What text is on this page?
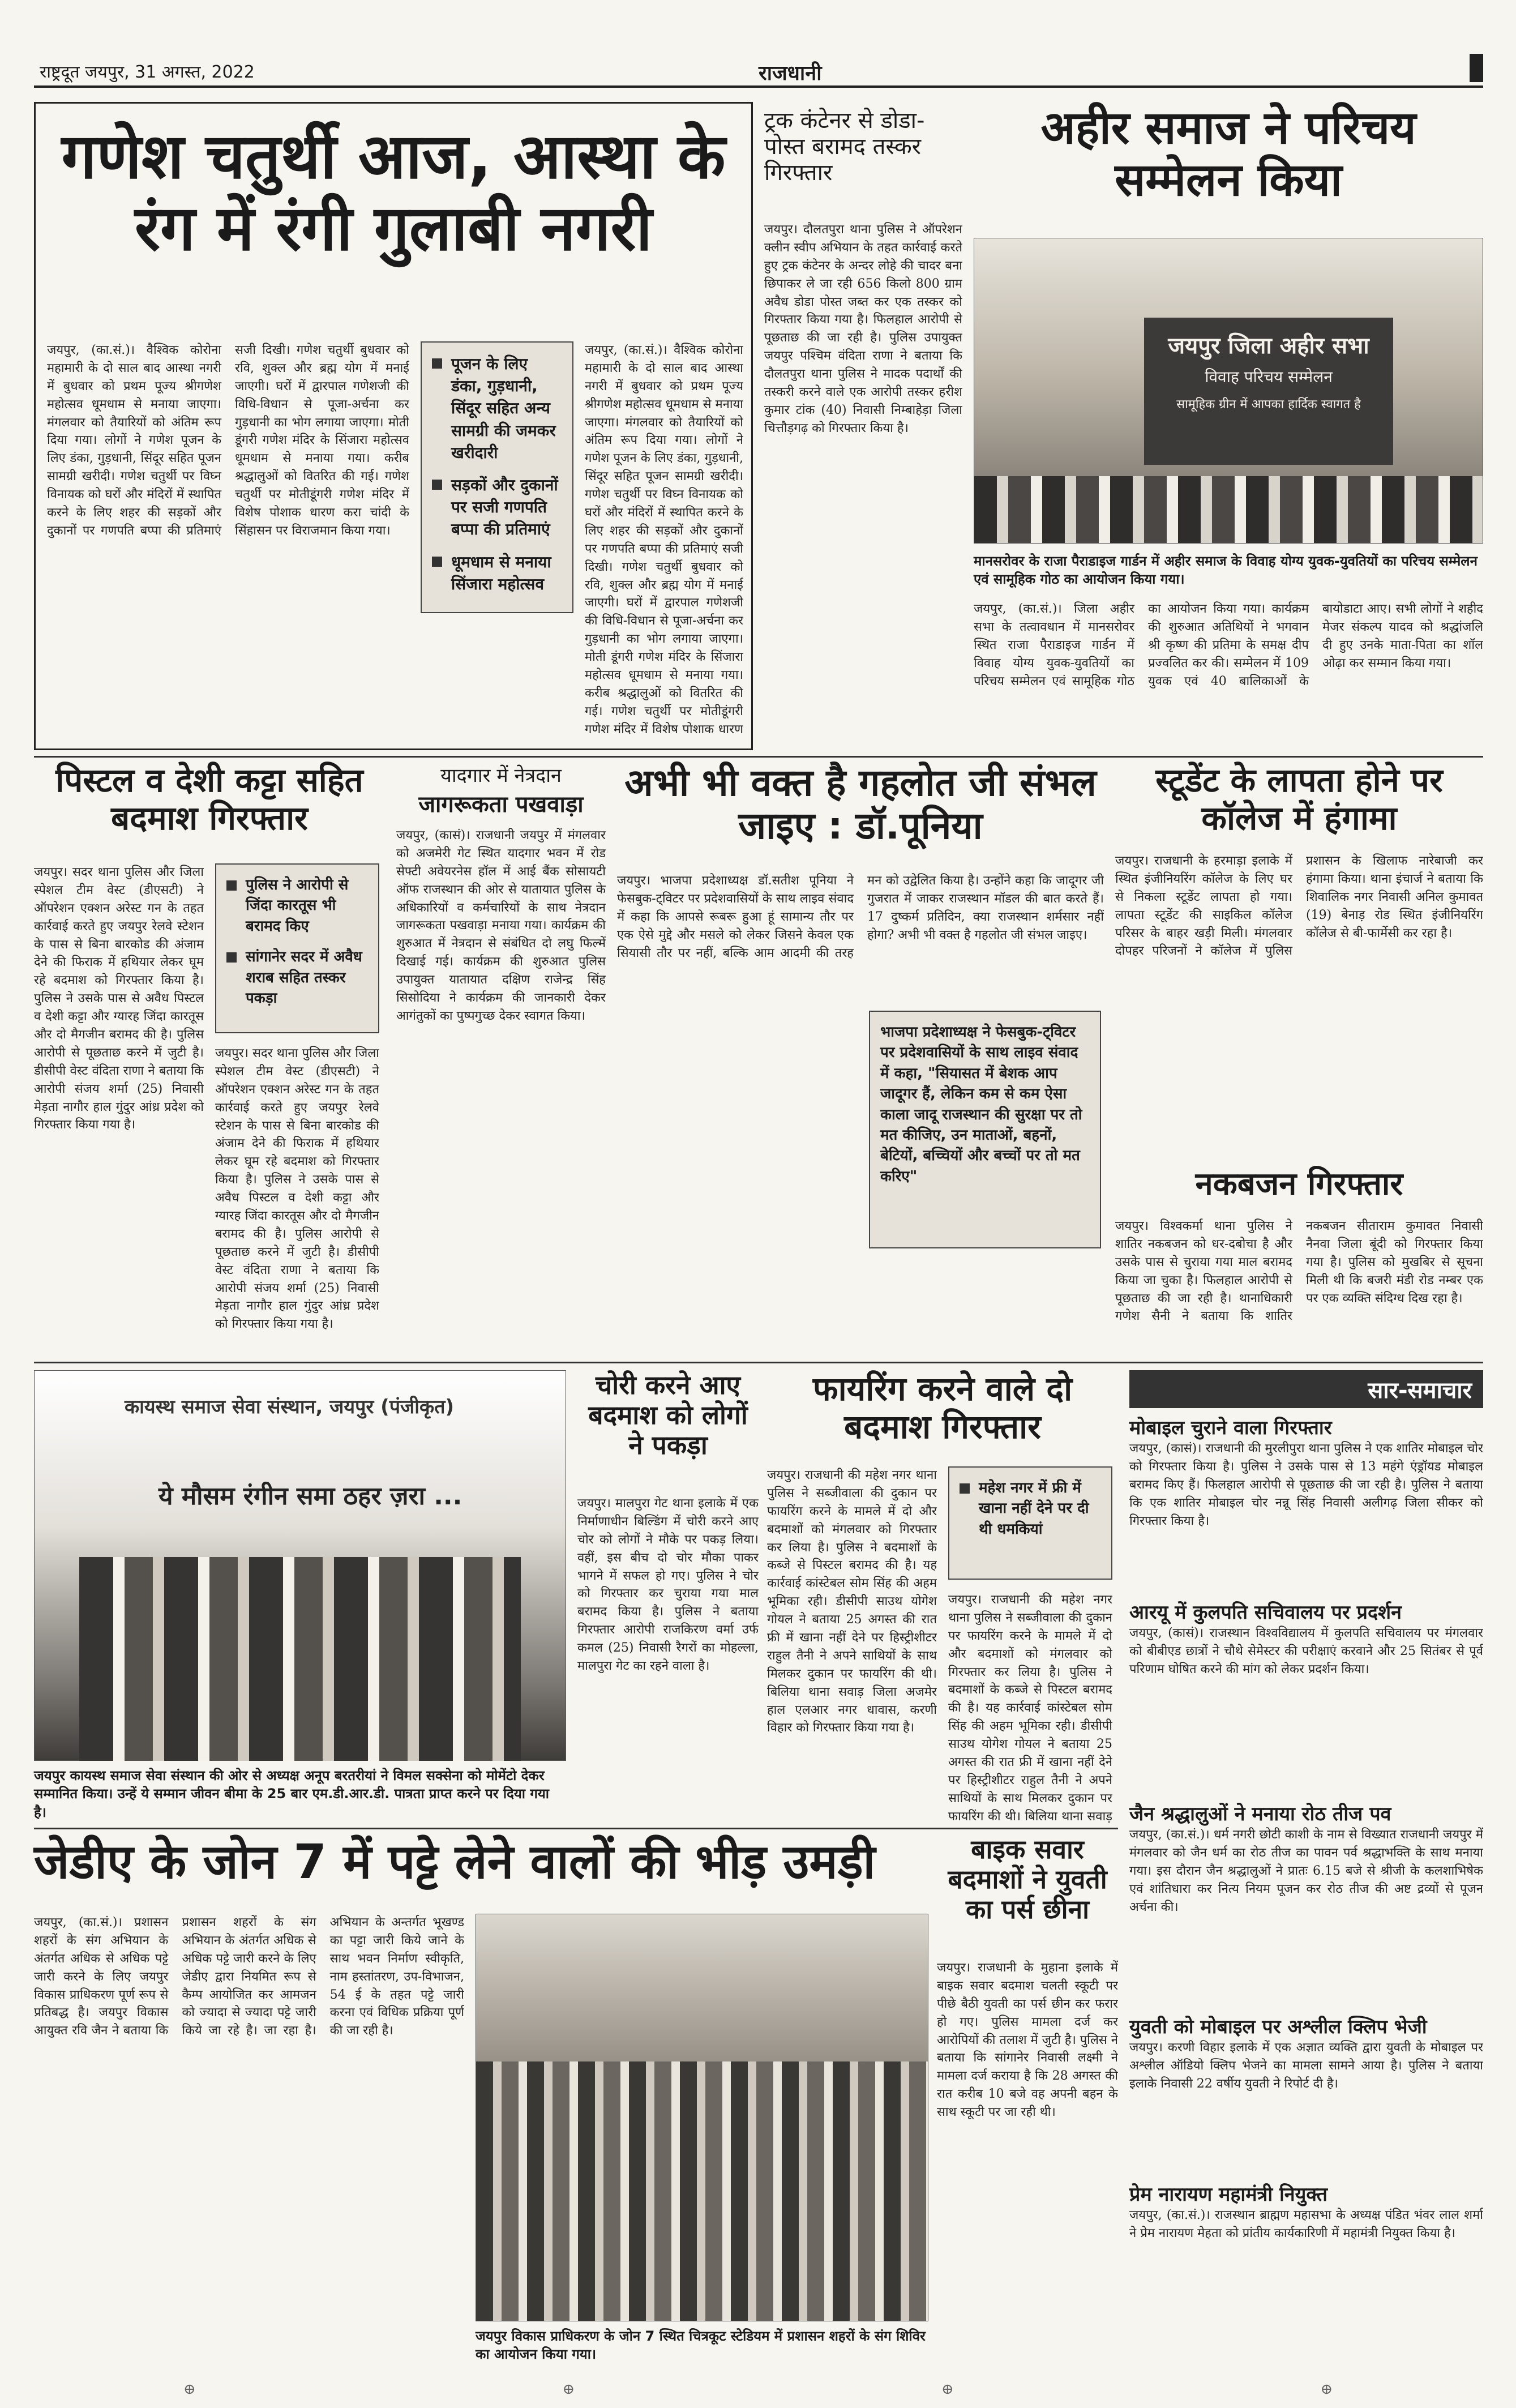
राष्ट्रदूत जयपुर, 31 अगस्त, 2022	राजधानी
गणेश चतुर्थी आज, आस्था के रंग में रंगी गुलाबी नगरी
जयपुर, (का.सं.)। वैश्विक कोरोना महामारी के दो साल बाद आस्था नगरी में बुधवार को प्रथम पूज्य श्रीगणेश महोत्सव धूमधाम से मनाया जाएगा। मंगलवार को तैयारियों को अंतिम रूप दिया गया। लोगों ने गणेश पूजन के लिए डंका, गुड़धानी, सिंदूर सहित पूजन सामग्री खरीदी। गणेश चतुर्थी पर विघ्न विनायक को घरों और मंदिरों में स्थापित करने के लिए शहर की सड़कों और दुकानों पर गणपति बप्पा की प्रतिमाएं सजी दिखी। गणेश चतुर्थी बुधवार को रवि, शुक्ल और ब्रह्म योग में मनाई जाएगी। घरों में द्वारपाल गणेशजी की विधि-विधान से पूजा-अर्चना कर गुड़धानी का भोग लगाया जाएगा। मोती डूंगरी गणेश मंदिर के सिंजारा महोत्सव धूमधाम से मनाया गया। करीब श्रद्धालुओं को वितरित की गई। गणेश चतुर्थी पर मोतीडूंगरी गणेश मंदिर में विशेष पोशाक धारण करा चांदी के सिंहासन पर विराजमान किया गया।
पूजन के लिए डंका, गुड़धानी, सिंदूर सहित अन्य सामग्री की जमकर खरीदारी
सड़कों और दुकानों पर सजी गणपति बप्पा की प्रतिमाएं
धूमधाम से मनाया सिंजारा महोत्सव
जयपुर, (का.सं.)। वैश्विक कोरोना महामारी के दो साल बाद आस्था नगरी में बुधवार को प्रथम पूज्य श्रीगणेश महोत्सव धूमधाम से मनाया जाएगा। मंगलवार को तैयारियों को अंतिम रूप दिया गया। लोगों ने गणेश पूजन के लिए डंका, गुड़धानी, सिंदूर सहित पूजन सामग्री खरीदी। गणेश चतुर्थी पर विघ्न विनायक को घरों और मंदिरों में स्थापित करने के लिए शहर की सड़कों और दुकानों पर गणपति बप्पा की प्रतिमाएं सजी दिखी। गणेश चतुर्थी बुधवार को रवि, शुक्ल और ब्रह्म योग में मनाई जाएगी। घरों में द्वारपाल गणेशजी की विधि-विधान से पूजा-अर्चना कर गुड़धानी का भोग लगाया जाएगा। मोती डूंगरी गणेश मंदिर के सिंजारा महोत्सव धूमधाम से मनाया गया। करीब श्रद्धालुओं को वितरित की गई। गणेश चतुर्थी पर मोतीडूंगरी गणेश मंदिर में विशेष पोशाक धारण
ट्रक कंटेनर से डोडा-पोस्त बरामद तस्कर गिरफ्तार
जयपुर। दौलतपुरा थाना पुलिस ने ऑपरेशन क्लीन स्वीप अभियान के तहत कार्रवाई करते हुए ट्रक कंटेनर के अन्दर लोहे की चादर बना छिपाकर ले जा रही 656 किलो 800 ग्राम अवैध डोडा पोस्त जब्त कर एक तस्कर को गिरफ्तार किया गया है। फिलहाल आरोपी से पूछताछ की जा रही है। पुलिस उपायुक्त जयपुर पश्चिम वंदिता राणा ने बताया कि दौलतपुरा थाना पुलिस ने मादक पदार्थों की तस्करी करने वाले एक आरोपी तस्कर हरीश कुमार टांक (40) निवासी निम्बाहेड़ा जिला चित्तौड़गढ़ को गिरफ्तार किया है।
अहीर समाज ने परिचय सम्मेलन किया
जयपुर जिला अहीर सभा
विवाह परिचय सम्मेलन
सामूहिक ग्रीन में आपका हार्दिक स्वागत है
मानसरोवर के राजा पैराडाइज गार्डन में अहीर समाज के विवाह योग्य युवक-युवतियों का परिचय सम्मेलन एवं सामूहिक गोठ का आयोजन किया गया।
जयपुर, (का.सं.)। जिला अहीर सभा के तत्वावधान में मानसरोवर स्थित राजा पैराडाइज गार्डन में विवाह योग्य युवक-युवतियों का परिचय सम्मेलन एवं सामूहिक गोठ का आयोजन किया गया। कार्यक्रम की शुरुआत अतिथियों ने भगवान श्री कृष्ण की प्रतिमा के समक्ष दीप प्रज्वलित कर की। सम्मेलन में 109 युवक एवं 40 बालिकाओं के बायोडाटा आए। सभी लोगों ने शहीद मेजर संकल्प यादव को श्रद्धांजलि दी हुए उनके माता-पिता का शॉल ओढ़ा कर सम्मान किया गया।
पिस्टल व देशी कट्टा सहित बदमाश गिरफ्तार
जयपुर। सदर थाना पुलिस और जिला स्पेशल टीम वेस्ट (डीएसटी) ने ऑपरेशन एक्शन अरेस्ट गन के तहत कार्रवाई करते हुए जयपुर रेलवे स्टेशन के पास से बिना बारकोड की अंजाम देने की फिराक में हथियार लेकर घूम रहे बदमाश को गिरफ्तार किया है। पुलिस ने उसके पास से अवैध पिस्टल व देशी कट्टा और ग्यारह जिंदा कारतूस और दो मैगजीन बरामद की है। पुलिस आरोपी से पूछताछ करने में जुटी है। डीसीपी वेस्ट वंदिता राणा ने बताया कि आरोपी संजय शर्मा (25) निवासी मेड़ता नागौर हाल गुंदुर आंध्र प्रदेश को गिरफ्तार किया गया है।
पुलिस ने आरोपी से जिंदा कारतूस भी बरामद किए
सांगानेर सदर में अवैध शराब सहित तस्कर पकड़ा
जयपुर। सदर थाना पुलिस और जिला स्पेशल टीम वेस्ट (डीएसटी) ने ऑपरेशन एक्शन अरेस्ट गन के तहत कार्रवाई करते हुए जयपुर रेलवे स्टेशन के पास से बिना बारकोड की अंजाम देने की फिराक में हथियार लेकर घूम रहे बदमाश को गिरफ्तार किया है। पुलिस ने उसके पास से अवैध पिस्टल व देशी कट्टा और ग्यारह जिंदा कारतूस और दो मैगजीन बरामद की है। पुलिस आरोपी से पूछताछ करने में जुटी है। डीसीपी वेस्ट वंदिता राणा ने बताया कि आरोपी संजय शर्मा (25) निवासी मेड़ता नागौर हाल गुंदुर आंध्र प्रदेश को गिरफ्तार किया गया है।
यादगार में नेत्रदान
जागरूकता पखवाड़ा
जयपुर, (कासं)। राजधानी जयपुर में मंगलवार को अजमेरी गेट स्थित यादगार भवन में रोड सेफ्टी अवेयरनेस हॉल में आई बैंक सोसायटी ऑफ राजस्थान की ओर से यातायात पुलिस के अधिकारियों व कर्मचारियों के साथ नेत्रदान जागरूकता पखवाड़ा मनाया गया। कार्यक्रम की शुरुआत में नेत्रदान से संबंधित दो लघु फिल्में दिखाई गई। कार्यक्रम की शुरुआत पुलिस उपायुक्त यातायात दक्षिण राजेन्द्र सिंह सिसोदिया ने कार्यक्रम की जानकारी देकर आगंतुकों का पुष्पगुच्छ देकर स्वागत किया।
अभी भी वक्त है गहलोत जी संभल जाइए : डॉ.पूनिया
जयपुर। भाजपा प्रदेशाध्यक्ष डॉ.सतीश पूनिया ने फेसबुक-ट्विटर पर प्रदेशवासियों के साथ लाइव संवाद में कहा कि आपसे रूबरू हुआ हूं सामान्य तौर पर एक ऐसे मुद्दे और मसले को लेकर जिसने केवल एक सियासी तौर पर नहीं, बल्कि आम आदमी की तरह मन को उद्वेलित किया है। उन्होंने कहा कि जादूगर जी गुजरात में जाकर राजस्थान मॉडल की बात करते हैं। 17 दुष्कर्म प्रतिदिन, क्या राजस्थान शर्मसार नहीं होगा? अभी भी वक्त है गहलोत जी संभल जाइए।
भाजपा प्रदेशाध्यक्ष ने फेसबुक-ट्विटर पर प्रदेशवासियों के साथ लाइव संवाद में कहा, "सियासत में बेशक आप जादूगर हैं, लेकिन कम से कम ऐसा काला जादू राजस्थान की सुरक्षा पर तो मत कीजिए, उन माताओं, बहनों, बेटियों, बच्चियों और बच्चों पर तो मत करिए"
स्टूडेंट के लापता होने पर कॉलेज में हंगामा
जयपुर। राजधानी के हरमाड़ा इलाके में स्थित इंजीनियरिंग कॉलेज के लिए घर से निकला स्टूडेंट लापता हो गया। लापता स्टूडेंट की साइकिल कॉलेज परिसर के बाहर खड़ी मिली। मंगलवार दोपहर परिजनों ने कॉलेज में पुलिस प्रशासन के खिलाफ नारेबाजी कर हंगामा किया। थाना इंचार्ज ने बताया कि शिवालिक नगर निवासी अनिल कुमावत (19) बेनाड़ रोड स्थित इंजीनियरिंग कॉलेज से बी-फार्मेसी कर रहा है।
नकबजन गिरफ्तार
जयपुर। विश्वकर्मा थाना पुलिस ने शातिर नकबजन को धर-दबोचा है और उसके पास से चुराया गया माल बरामद किया जा चुका है। फिलहाल आरोपी से पूछताछ की जा रही है। थानाधिकारी गणेश सैनी ने बताया कि शातिर नकबजन सीताराम कुमावत निवासी नैनवा जिला बूंदी को गिरफ्तार किया गया है। पुलिस को मुखबिर से सूचना मिली थी कि बजरी मंडी रोड नम्बर एक पर एक व्यक्ति संदिग्ध दिख रहा है।
कायस्थ समाज सेवा संस्थान, जयपुर (पंजीकृत)
ये मौसम रंगीन समा ठहर ज़रा ...
जयपुर कायस्थ समाज सेवा संस्थान की ओर से अध्यक्ष अनूप बरतरीयां ने विमल सक्सेना को मोमेंटो देकर सम्मानित किया। उन्हें ये सम्मान जीवन बीमा के 25 बार एम.डी.आर.डी. पात्रता प्राप्त करने पर दिया गया है।
चोरी करने आए बदमाश को लोगों ने पकड़ा
जयपुर। मालपुरा गेट थाना इलाके में एक निर्माणाधीन बिल्डिंग में चोरी करने आए चोर को लोगों ने मौके पर पकड़ लिया। वहीं, इस बीच दो चोर मौका पाकर भागने में सफल हो गए। पुलिस ने चोर को गिरफ्तार कर चुराया गया माल बरामद किया है। पुलिस ने बताया गिरफ्तार आरोपी राजकिरण वर्मा उर्फ कमल (25) निवासी रैगरों का मोहल्ला, मालपुरा गेट का रहने वाला है।
फायरिंग करने वाले दो बदमाश गिरफ्तार
जयपुर। राजधानी की महेश नगर थाना पुलिस ने सब्जीवाला की दुकान पर फायरिंग करने के मामले में दो और बदमाशों को मंगलवार को गिरफ्तार कर लिया है। पुलिस ने बदमाशों के कब्जे से पिस्टल बरामद की है। यह कार्रवाई कांस्टेबल सोम सिंह की अहम भूमिका रही। डीसीपी साउथ योगेश गोयल ने बताया 25 अगस्त की रात फ्री में खाना नहीं देने पर हिस्ट्रीशीटर राहुल तैनी ने अपने साथियों के साथ मिलकर दुकान पर फायरिंग की थी। बिलिया थाना सवाड़ जिला अजमेर हाल एलआर नगर धावास, करणी विहार को गिरफ्तार किया गया है।
महेश नगर में फ्री में खाना नहीं देने पर दी थी धमकियां
जयपुर। राजधानी की महेश नगर थाना पुलिस ने सब्जीवाला की दुकान पर फायरिंग करने के मामले में दो और बदमाशों को मंगलवार को गिरफ्तार कर लिया है। पुलिस ने बदमाशों के कब्जे से पिस्टल बरामद की है। यह कार्रवाई कांस्टेबल सोम सिंह की अहम भूमिका रही। डीसीपी साउथ योगेश गोयल ने बताया 25 अगस्त की रात फ्री में खाना नहीं देने पर हिस्ट्रीशीटर राहुल तैनी ने अपने साथियों के साथ मिलकर दुकान पर फायरिंग की थी। बिलिया थाना सवाड़
सार-समाचार
मोबाइल चुराने वाला गिरफ्तार
जयपुर, (कासं)। राजधानी की मुरलीपुरा थाना पुलिस ने एक शातिर मोबाइल चोर को गिरफ्तार किया है। पुलिस ने उसके पास से 13 महंगे एंड्रॉयड मोबाइल बरामद किए हैं। फिलहाल आरोपी से पूछताछ की जा रही है। पुलिस ने बताया कि एक शातिर मोबाइल चोर नन्नू सिंह निवासी अलीगढ़ जिला सीकर को गिरफ्तार किया है।
आरयू में कुलपति सचिवालय पर प्रदर्शन
जयपुर, (कासं)। राजस्थान विश्वविद्यालय में कुलपति सचिवालय पर मंगलवार को बीबीएड छात्रों ने चौथे सेमेस्टर की परीक्षाएं करवाने और 25 सितंबर से पूर्व परिणाम घोषित करने की मांग को लेकर प्रदर्शन किया।
जैन श्रद्धालुओं ने मनाया रोठ तीज पव
जयपुर, (का.सं.)। धर्म नगरी छोटी काशी के नाम से विख्यात राजधानी जयपुर में मंगलवार को जैन धर्म का रोठ तीज का पावन पर्व श्रद्धाभक्ति के साथ मनाया गया। इस दौरान जैन श्रद्धालुओं ने प्रातः 6.15 बजे से श्रीजी के कलशाभिषेक एवं शांतिधारा कर नित्य नियम पूजन कर रोठ तीज की अष्ट द्रव्यों से पूजन अर्चना की।
युवती को मोबाइल पर अश्लील क्लिप भेजी
जयपुर। करणी विहार इलाके में एक अज्ञात व्यक्ति द्वारा युवती के मोबाइल पर अश्लील ऑडियो क्लिप भेजने का मामला सामने आया है। पुलिस ने बताया इलाके निवासी 22 वर्षीय युवती ने रिपोर्ट दी है।
प्रेम नारायण महामंत्री नियुक्त
जयपुर, (का.सं.)। राजस्थान ब्राह्मण महासभा के अध्यक्ष पंडित भंवर लाल शर्मा ने प्रेम नारायण मेहता को प्रांतीय कार्यकारिणी में महामंत्री नियुक्त किया है।
जेडीए के जोन 7 में पट्टे लेने वालों की भीड़ उमड़ी
जयपुर, (का.सं.)। प्रशासन शहरों के संग अभियान के अंतर्गत अधिक से अधिक पट्टे जारी करने के लिए जयपुर विकास प्राधिकरण पूर्ण रूप से प्रतिबद्ध है। जयपुर विकास आयुक्त रवि जैन ने बताया कि प्रशासन शहरों के संग अभियान के अंतर्गत अधिक से अधिक पट्टे जारी करने के लिए जेडीए द्वारा नियमित रूप से कैम्प आयोजित कर आमजन को ज्यादा से ज्यादा पट्टे जारी किये जा रहे है। जा रहा है। अभियान के अन्तर्गत भूखण्ड का पट्टा जारी किये जाने के साथ भवन निर्माण स्वीकृति, नाम हस्तांतरण, उप-विभाजन, 54 ई के तहत पट्टे जारी करना एवं विधिक प्रक्रिया पूर्ण की जा रही है।
जयपुर विकास प्राधिकरण के जोन 7 स्थित चित्रकूट स्टेडियम में प्रशासन शहरों के संग शिविर का आयोजन किया गया।
बाइक सवार बदमाशों ने युवती का पर्स छीना
जयपुर। राजधानी के मुहाना इलाके में बाइक सवार बदमाश चलती स्कूटी पर पीछे बैठी युवती का पर्स छीन कर फरार हो गए। पुलिस मामला दर्ज कर आरोपियों की तलाश में जुटी है। पुलिस ने बताया कि सांगानेर निवासी लक्ष्मी ने मामला दर्ज कराया है कि 28 अगस्त की रात करीब 10 बजे वह अपनी बहन के साथ स्कूटी पर जा रही थी।
⊕	⊕	⊕	⊕
